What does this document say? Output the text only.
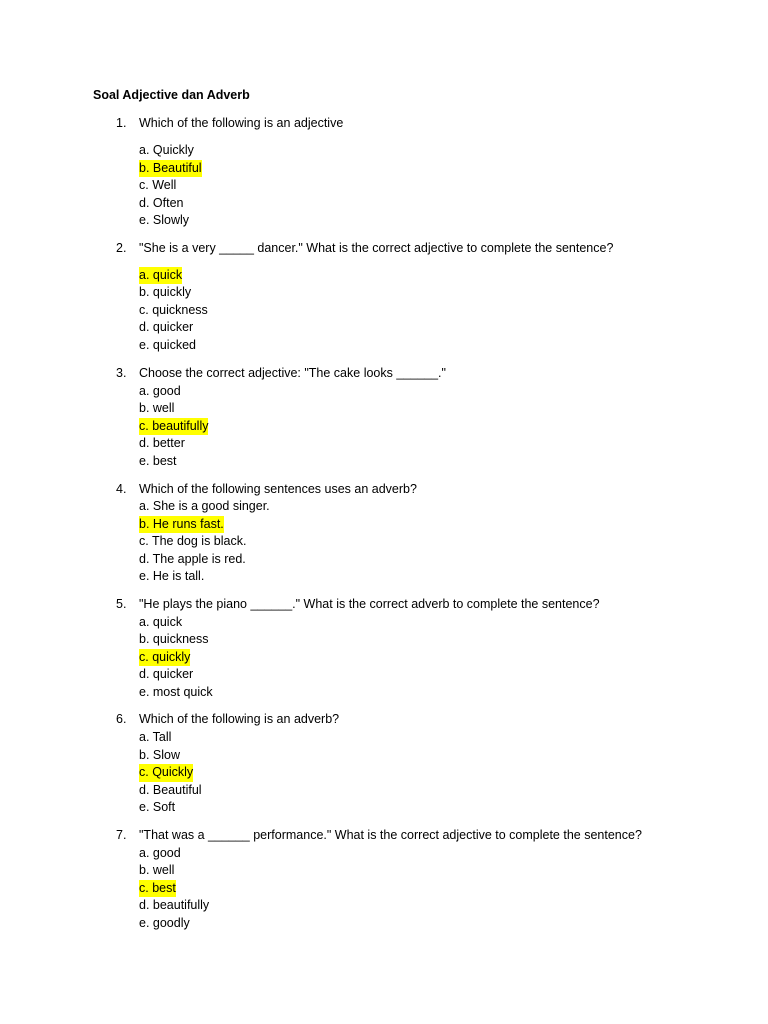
Soal Adjective dan Adverb
1. Which of the following is an adjective
a. Quickly
b. Beautiful
c. Well
d. Often
e. Slowly
2. "She is a very _____ dancer." What is the correct adjective to complete the sentence?
a. quick
b. quickly
c. quickness
d. quicker
e. quicked
3. Choose the correct adjective: "The cake looks ______."
a. good
b. well
c. beautifully
d. better
e. best
4. Which of the following sentences uses an adverb?
a. She is a good singer.
b. He runs fast.
c. The dog is black.
d. The apple is red.
e. He is tall.
5. "He plays the piano ______." What is the correct adverb to complete the sentence?
a. quick
b. quickness
c. quickly
d. quicker
e. most quick
6. Which of the following is an adverb?
a. Tall
b. Slow
c. Quickly
d. Beautiful
e. Soft
7. "That was a ______ performance." What is the correct adjective to complete the sentence?
a. good
b. well
c. best
d. beautifully
e. goodly
